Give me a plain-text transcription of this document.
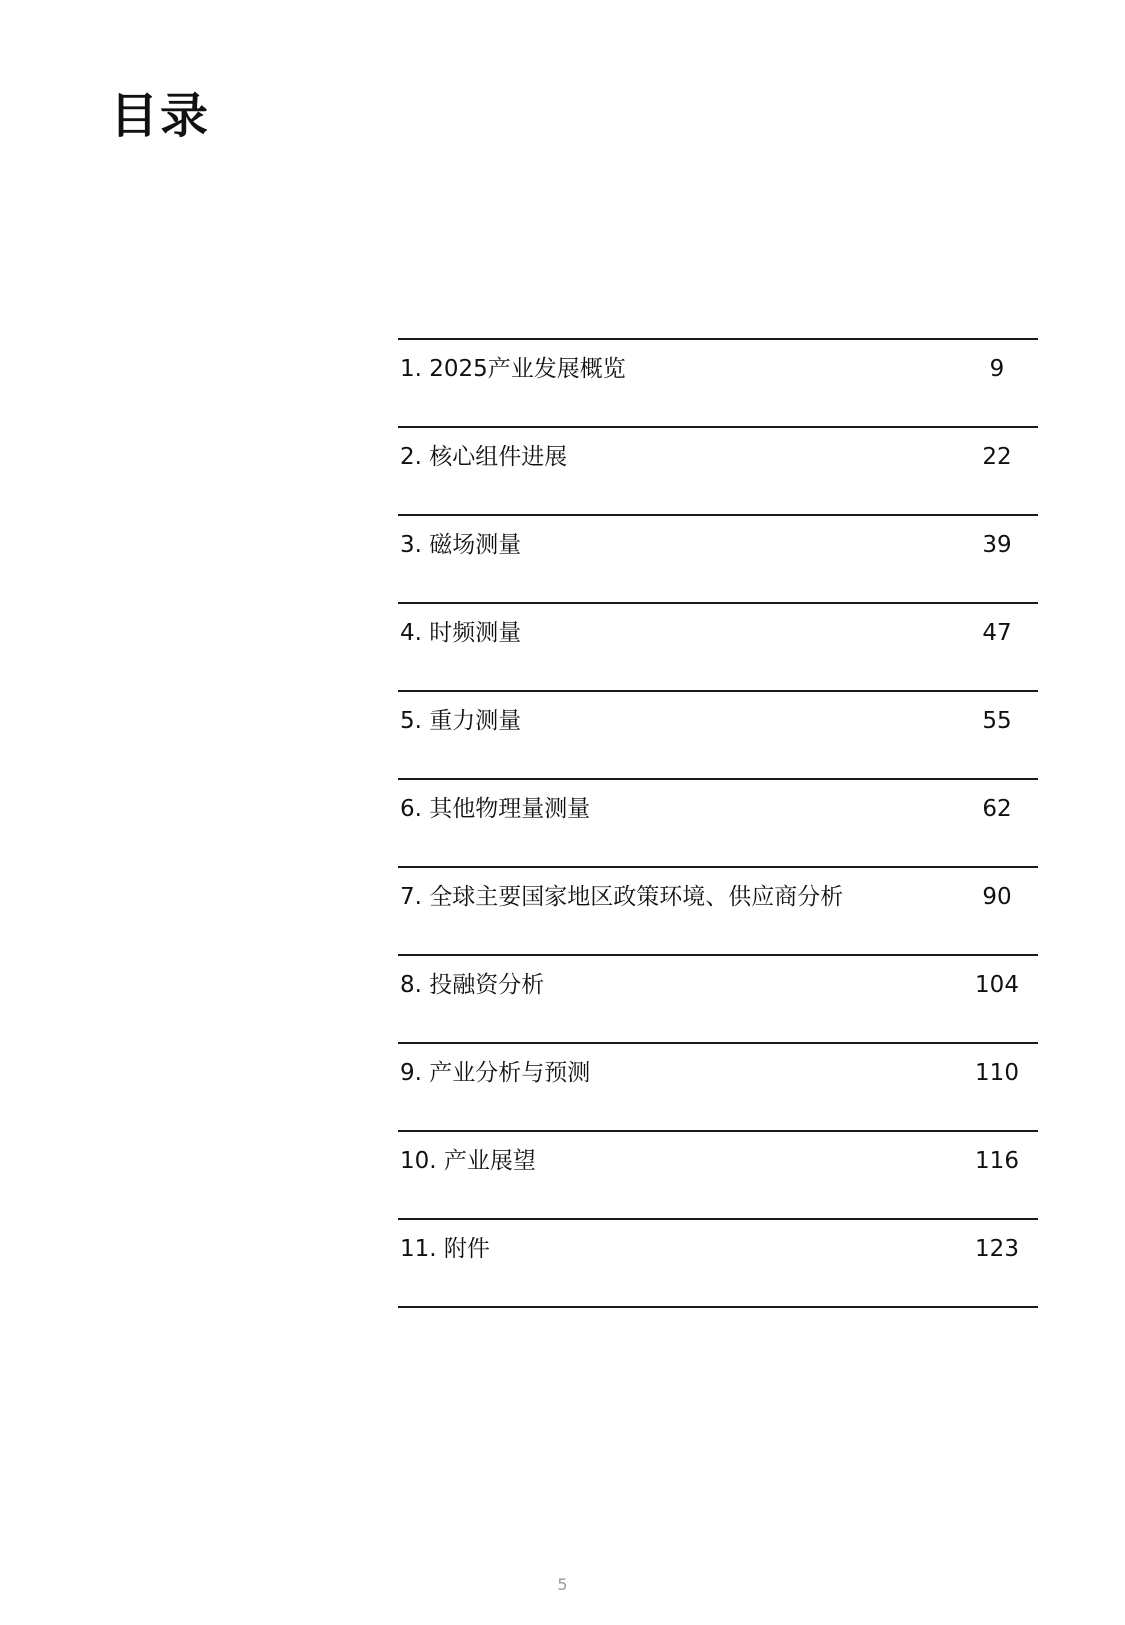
目录
1. 2025产业发展概览	9
2. 核心组件进展	22
3. 磁场测量	39
4. 时频测量	47
5. 重力测量	55
6. 其他物理量测量	62
7. 全球主要国家地区政策环境、供应商分析	90
8. 投融资分析	104
9. 产业分析与预测	110
10. 产业展望	116
11. 附件	123
5
